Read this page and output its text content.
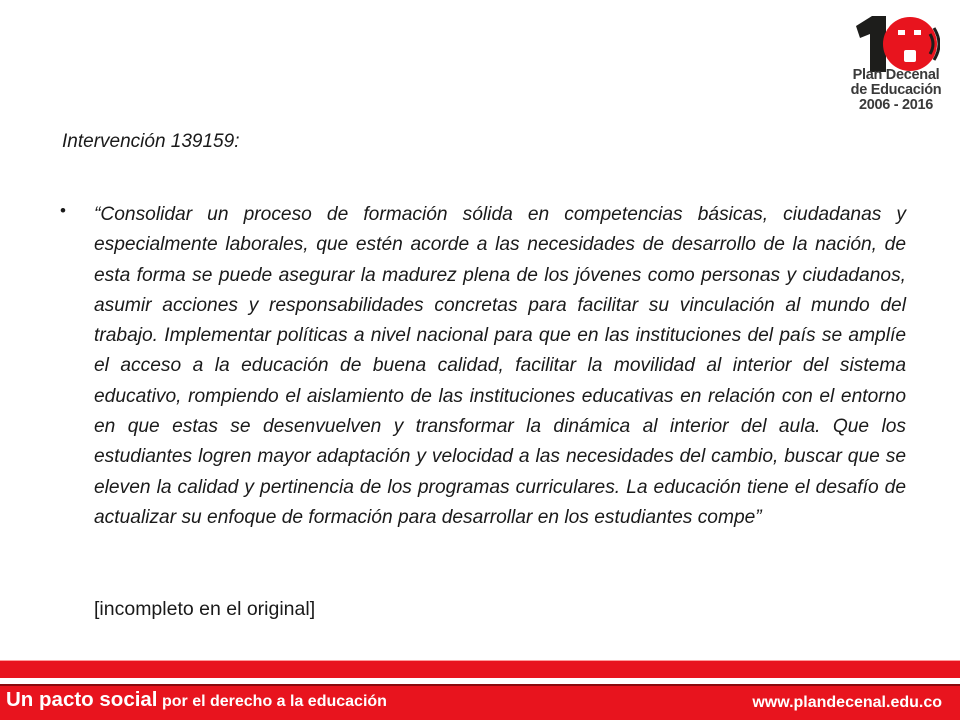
Plan Decenal
de Educación
2006 - 2016

Intervención 139159:

• “Consolidar un proceso de formación sólida en competencias básicas, ciudadanas y especialmente laborales, que estén acorde a las necesidades de desarrollo de la nación, de esta forma se puede asegurar la madurez plena de los jóvenes como personas y ciudadanos, asumir acciones y responsabilidades concretas para facilitar su vinculación al mundo del trabajo. Implementar políticas a nivel nacional para que en las instituciones del país se amplíe el acceso a la educación de buena calidad, facilitar la movilidad al interior del sistema educativo, rompiendo el aislamiento de las instituciones educativas en relación con el entorno en que estas se desenvuelven y transformar la dinámica al interior del aula. Que los estudiantes logren mayor adaptación y velocidad a las necesidades del cambio, buscar que se eleven la calidad y pertinencia de los programas curriculares. La educación tiene el desafío de actualizar su enfoque de formación para desarrollar en los estudiantes compe”

[incompleto en el original]

Un pacto social por el derecho a la educación	www.plandecenal.edu.co
